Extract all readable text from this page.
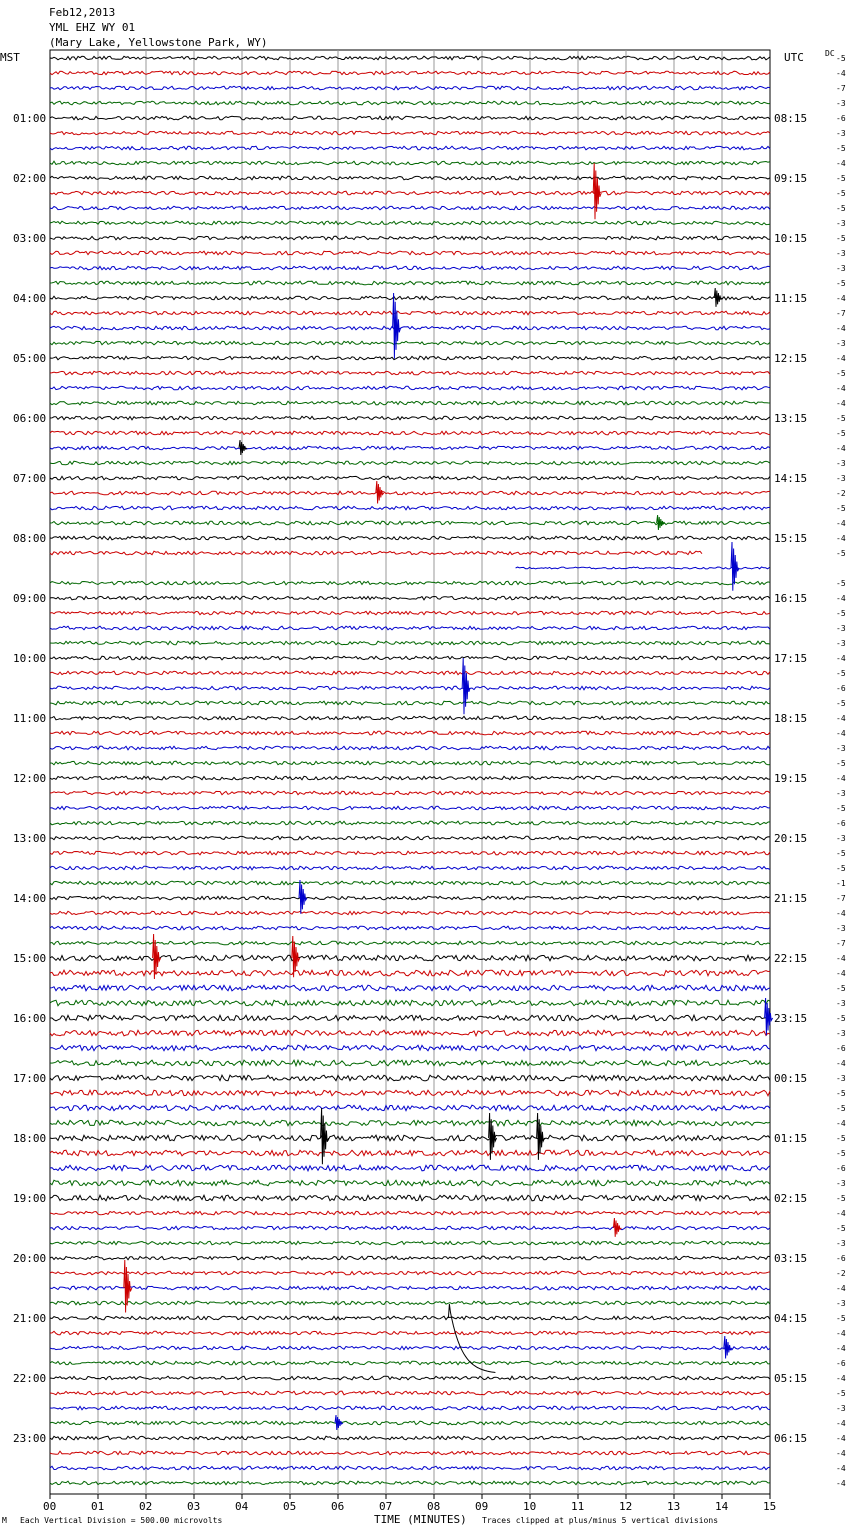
Feb12,2013
YML EHZ WY 01
(Mary Lake, Yellowstone Park, WY)
MST	UTC	DC
01:00
02:00
03:00
04:00
05:00
06:00
07:00
08:00
09:00
10:00
11:00
12:00
13:00
14:00
15:00
16:00
17:00
18:00
19:00
20:00
21:00
22:00
23:00
08:15
09:15
10:15
11:15
12:15
13:15
14:15
15:15
16:15
17:15
18:15
19:15
20:15
21:15
22:15
23:15
00:15
01:15
02:15
03:15
04:15
05:15
06:15
-5
-4
-7
-3
-6
-3
-5
-4
-5
-5
-5
-3
-5
-3
-3
-5
-4
-7
-4
-3
-4
-5
-4
-4
-5
-5
-4
-3
-3
-2
-5
-4
-4
-5
-5
-4
-5
-3
-3
-4
-5
-6
-5
-4
-4
-3
-5
-4
-3
-5
-6
-3
-5
-5
-1
-7
-4
-3
-7
-4
-4
-5
-3
-5
-3
-6
-4
-3
-5
-5
-4
-5
-5
-6
-3
-5
-4
-5
-3
-6
-2
-4
-3
-5
-4
-4
-6
-4
-5
-3
-4
-4
-4
-4
-4
00	01	02	03	04	05	06	07	08	09	10	11	12	13	14	15
M Each Vertical Division = 500.00 microvolts	TIME (MINUTES) Traces clipped at plus/minus 5 vertical divisions
